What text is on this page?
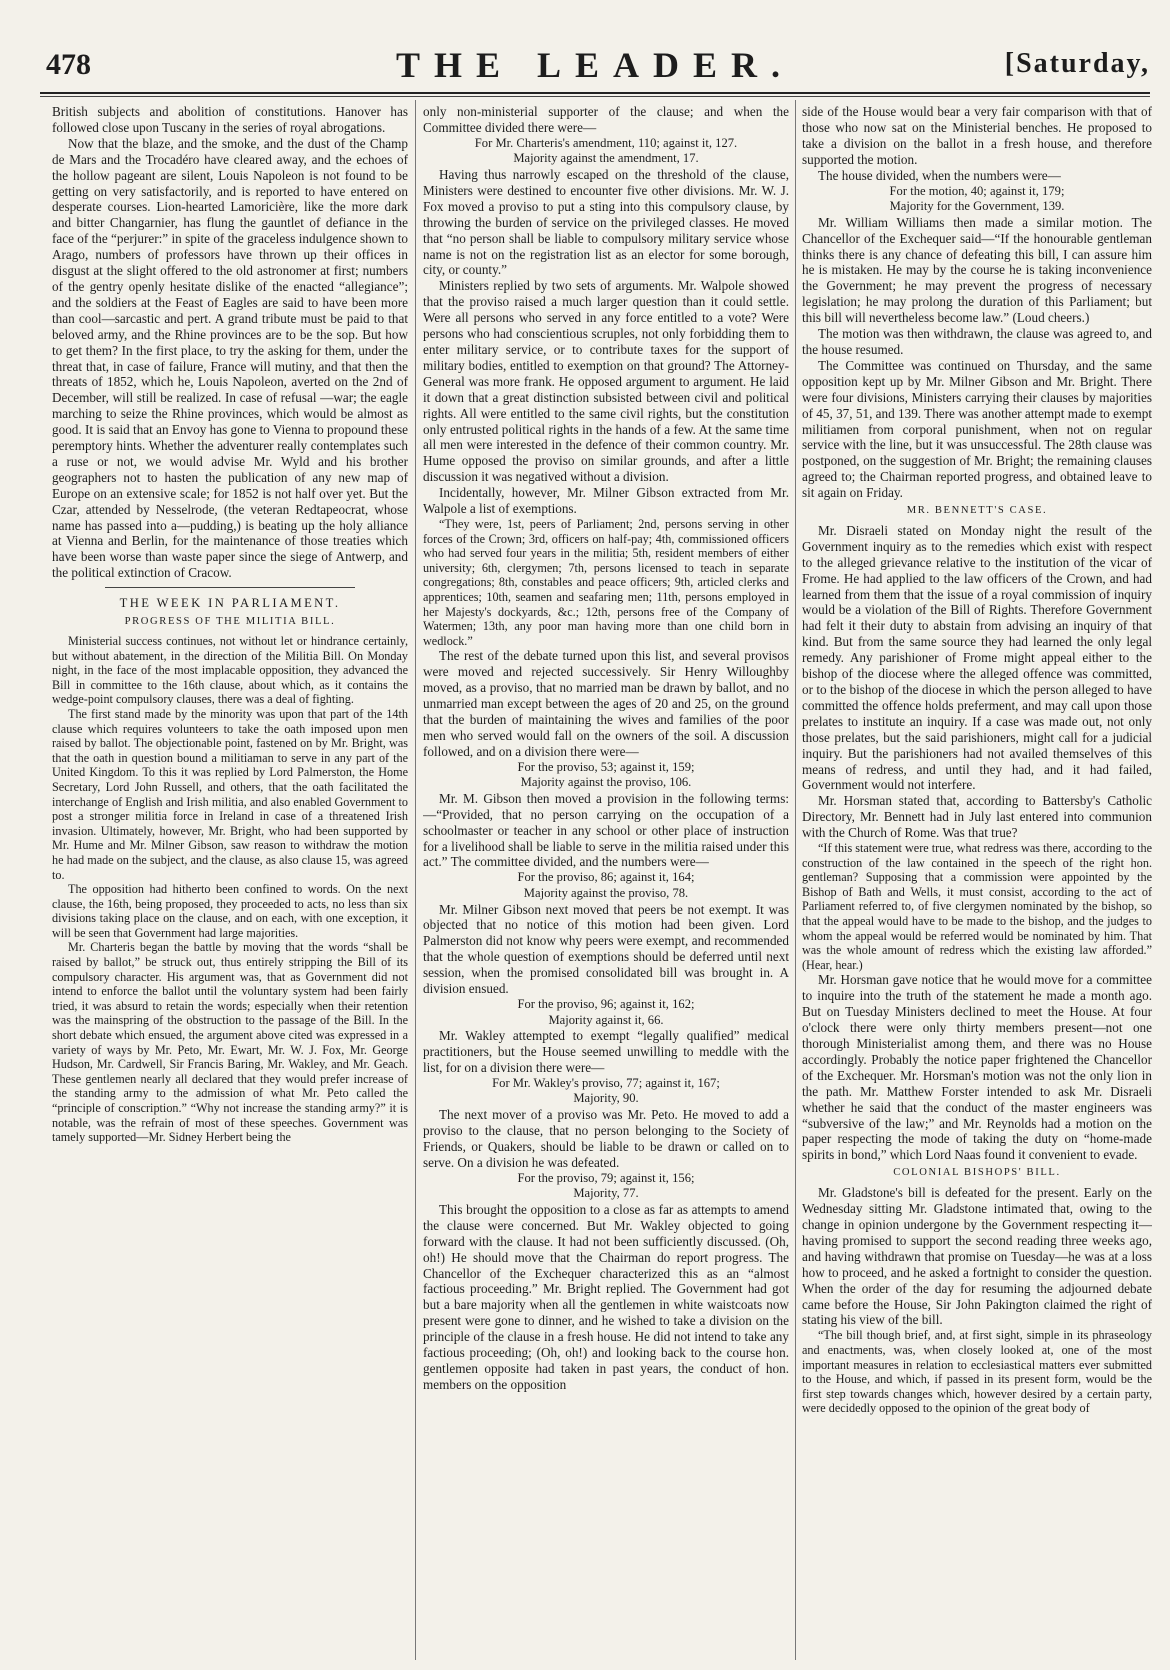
478	THE LEADER.	[Saturday,

British subjects and abolition of constitutions. Hanover has followed close upon Tuscany in the series of royal abrogations.

Now that the blaze, and the smoke, and the dust of the Champ de Mars and the Trocadéro have cleared away, and the echoes of the hollow pageant are silent, Louis Napoleon is not found to be getting on very satisfactorily, and is reported to have entered on desperate courses. Lion-hearted Lamoricière, like the more dark and bitter Changarnier, has flung the gauntlet of defiance in the face of the “perjurer:” in spite of the graceless indulgence shown to Arago, numbers of professors have thrown up their offices in disgust at the slight offered to the old astronomer at first; numbers of the gentry openly hesitate dislike of the enacted “allegiance”; and the soldiers at the Feast of Eagles are said to have been more than cool—sarcastic and pert. A grand tribute must be paid to that beloved army, and the Rhine provinces are to be the sop. But how to get them? In the first place, to try the asking for them, under the threat that, in case of failure, France will mutiny, and that then the threats of 1852, which he, Louis Napoleon, averted on the 2nd of December, will still be realized. In case of refusal —war; the eagle marching to seize the Rhine provinces, which would be almost as good. It is said that an Envoy has gone to Vienna to propound these peremptory hints. Whether the adventurer really contemplates such a ruse or not, we would advise Mr. Wyld and his brother geographers not to hasten the publication of any new map of Europe on an extensive scale; for 1852 is not half over yet. But the Czar, attended by Nesselrode, (the veteran Redtapeocrat, whose name has passed into a—pudding,) is beating up the holy alliance at Vienna and Berlin, for the maintenance of those treaties which have been worse than waste paper since the siege of Antwerp, and the political extinction of Cracow.

THE WEEK IN PARLIAMENT.
PROGRESS OF THE MILITIA BILL.

Ministerial success continues, not without let or hindrance certainly, but without abatement, in the direction of the Militia Bill. On Monday night, in the face of the most implacable opposition, they advanced the Bill in committee to the 16th clause, about which, as it contains the wedge-point compulsory clauses, there was a deal of fighting.

The first stand made by the minority was upon that part of the 14th clause which requires volunteers to take the oath imposed upon men raised by ballot. The objectionable point, fastened on by Mr. Bright, was that the oath in question bound a militiaman to serve in any part of the United Kingdom. To this it was replied by Lord Palmerston, the Home Secretary, Lord John Russell, and others, that the oath facilitated the interchange of English and Irish militia, and also enabled Government to post a stronger militia force in Ireland in case of a threatened Irish invasion. Ultimately, however, Mr. Bright, who had been supported by Mr. Hume and Mr. Milner Gibson, saw reason to withdraw the motion he had made on the subject, and the clause, as also clause 15, was agreed to.

The opposition had hitherto been confined to words. On the next clause, the 16th, being proposed, they proceeded to acts, no less than six divisions taking place on the clause, and on each, with one exception, it will be seen that Government had large majorities.

Mr. Charteris began the battle by moving that the words “shall be raised by ballot,” be struck out, thus entirely stripping the Bill of its compulsory character. His argument was, that as Government did not intend to enforce the ballot until the voluntary system had been fairly tried, it was absurd to retain the words; especially when their retention was the mainspring of the obstruction to the passage of the Bill. In the short debate which ensued, the argument above cited was expressed in a variety of ways by Mr. Peto, Mr. Ewart, Mr. W. J. Fox, Mr. George Hudson, Mr. Cardwell, Sir Francis Baring, Mr. Wakley, and Mr. Geach. These gentlemen nearly all declared that they would prefer increase of the standing army to the admission of what Mr. Peto called the “principle of conscription.” “Why not increase the standing army?” it is notable, was the refrain of most of these speeches. Government was tamely supported—Mr. Sidney Herbert being the

only non-ministerial supporter of the clause; and when the Committee divided there were—

For Mr. Charteris's amendment, 110; against it, 127.
Majority against the amendment, 17.

Having thus narrowly escaped on the threshold of the clause, Ministers were destined to encounter five other divisions. Mr. W. J. Fox moved a proviso to put a sting into this compulsory clause, by throwing the burden of service on the privileged classes. He moved that “no person shall be liable to compulsory military service whose name is not on the registration list as an elector for some borough, city, or county.”

Ministers replied by two sets of arguments. Mr. Walpole showed that the proviso raised a much larger question than it could settle. Were all persons who served in any force entitled to a vote? Were persons who had conscientious scruples, not only forbidding them to enter military service, or to contribute taxes for the support of military bodies, entitled to exemption on that ground? The Attorney-General was more frank. He opposed argument to argument. He laid it down that a great distinction subsisted between civil and political rights. All were entitled to the same civil rights, but the constitution only entrusted political rights in the hands of a few. At the same time all men were interested in the defence of their common country. Mr. Hume opposed the proviso on similar grounds, and after a little discussion it was negatived without a division.

Incidentally, however, Mr. Milner Gibson extracted from Mr. Walpole a list of exemptions.

“They were, 1st, peers of Parliament; 2nd, persons serving in other forces of the Crown; 3rd, officers on half-pay; 4th, commissioned officers who had served four years in the militia; 5th, resident members of either university; 6th, clergymen; 7th, persons licensed to teach in separate congregations; 8th, constables and peace officers; 9th, articled clerks and apprentices; 10th, seamen and seafaring men; 11th, persons employed in her Majesty's dockyards, &c.; 12th, persons free of the Company of Watermen; 13th, any poor man having more than one child born in wedlock.”

The rest of the debate turned upon this list, and several provisos were moved and rejected successively. Sir Henry Willoughby moved, as a proviso, that no married man be drawn by ballot, and no unmarried man except between the ages of 20 and 25, on the ground that the burden of maintaining the wives and families of the poor men who served would fall on the owners of the soil. A discussion followed, and on a division there were—

For the proviso, 53; against it, 159;
Majority against the proviso, 106.

Mr. M. Gibson then moved a provision in the following terms:—“Provided, that no person carrying on the occupation of a schoolmaster or teacher in any school or other place of instruction for a livelihood shall be liable to serve in the militia raised under this act.” The committee divided, and the numbers were—

For the proviso, 86; against it, 164;
Majority against the proviso, 78.

Mr. Milner Gibson next moved that peers be not exempt. It was objected that no notice of this motion had been given. Lord Palmerston did not know why peers were exempt, and recommended that the whole question of exemptions should be deferred until next session, when the promised consolidated bill was brought in. A division ensued.

For the proviso, 96; against it, 162;
Majority against it, 66.

Mr. Wakley attempted to exempt “legally qualified” medical practitioners, but the House seemed unwilling to meddle with the list, for on a division there were—

For Mr. Wakley's proviso, 77; against it, 167;
Majority, 90.

The next mover of a proviso was Mr. Peto. He moved to add a proviso to the clause, that no person belonging to the Society of Friends, or Quakers, should be liable to be drawn or called on to serve. On a division he was defeated.

For the proviso, 79; against it, 156;
Majority, 77.

This brought the opposition to a close as far as attempts to amend the clause were concerned. But Mr. Wakley objected to going forward with the clause. It had not been sufficiently discussed. (Oh, oh!) He should move that the Chairman do report progress. The Chancellor of the Exchequer characterized this as an “almost factious proceeding.” Mr. Bright replied. The Government had got but a bare majority when all the gentlemen in white waistcoats now present were gone to dinner, and he wished to take a division on the principle of the clause in a fresh house. He did not intend to take any factious proceeding; (Oh, oh!) and looking back to the course hon. gentlemen opposite had taken in past years, the conduct of hon. members on the opposition

side of the House would bear a very fair comparison with that of those who now sat on the Ministerial benches. He proposed to take a division on the ballot in a fresh house, and therefore supported the motion.

The house divided, when the numbers were—

For the motion, 40; against it, 179;
Majority for the Government, 139.

Mr. William Williams then made a similar motion. The Chancellor of the Exchequer said—“If the honourable gentleman thinks there is any chance of defeating this bill, I can assure him he is mistaken. He may by the course he is taking inconvenience the Government; he may prevent the progress of necessary legislation; he may prolong the duration of this Parliament; but this bill will nevertheless become law.” (Loud cheers.)

The motion was then withdrawn, the clause was agreed to, and the house resumed.

The Committee was continued on Thursday, and the same opposition kept up by Mr. Milner Gibson and Mr. Bright. There were four divisions, Ministers carrying their clauses by majorities of 45, 37, 51, and 139. There was another attempt made to exempt militiamen from corporal punishment, when not on regular service with the line, but it was unsuccessful. The 28th clause was postponed, on the suggestion of Mr. Bright; the remaining clauses agreed to; the Chairman reported progress, and obtained leave to sit again on Friday.

MR. BENNETT'S CASE.

Mr. Disraeli stated on Monday night the result of the Government inquiry as to the remedies which exist with respect to the alleged grievance relative to the institution of the vicar of Frome. He had applied to the law officers of the Crown, and had learned from them that the issue of a royal commission of inquiry would be a violation of the Bill of Rights. Therefore Government had felt it their duty to abstain from advising an inquiry of that kind. But from the same source they had learned the only legal remedy. Any parishioner of Frome might appeal either to the bishop of the diocese where the alleged offence was committed, or to the bishop of the diocese in which the person alleged to have committed the offence holds preferment, and may call upon those prelates to institute an inquiry. If a case was made out, not only those prelates, but the said parishioners, might call for a judicial inquiry. But the parishioners had not availed themselves of this means of redress, and until they had, and it had failed, Government would not interfere.

Mr. Horsman stated that, according to Battersby's Catholic Directory, Mr. Bennett had in July last entered into communion with the Church of Rome. Was that true?

“If this statement were true, what redress was there, according to the construction of the law contained in the speech of the right hon. gentleman? Supposing that a commission were appointed by the Bishop of Bath and Wells, it must consist, according to the act of Parliament referred to, of five clergymen nominated by the bishop, so that the appeal would have to be made to the bishop, and the judges to whom the appeal would be referred would be nominated by him. That was the whole amount of redress which the existing law afforded.” (Hear, hear.)

Mr. Horsman gave notice that he would move for a committee to inquire into the truth of the statement he made a month ago. But on Tuesday Ministers declined to meet the House. At four o'clock there were only thirty members present—not one thorough Ministerialist among them, and there was no House accordingly. Probably the notice paper frightened the Chancellor of the Exchequer. Mr. Horsman's motion was not the only lion in the path. Mr. Matthew Forster intended to ask Mr. Disraeli whether he said that the conduct of the master engineers was “subversive of the law;” and Mr. Reynolds had a motion on the paper respecting the mode of taking the duty on “home-made spirits in bond,” which Lord Naas found it convenient to evade.

COLONIAL BISHOPS' BILL.

Mr. Gladstone's bill is defeated for the present. Early on the Wednesday sitting Mr. Gladstone intimated that, owing to the change in opinion undergone by the Government respecting it—having promised to support the second reading three weeks ago, and having withdrawn that promise on Tuesday—he was at a loss how to proceed, and he asked a fortnight to consider the question. When the order of the day for resuming the adjourned debate came before the House, Sir John Pakington claimed the right of stating his view of the bill.

“The bill though brief, and, at first sight, simple in its phraseology and enactments, was, when closely looked at, one of the most important measures in relation to ecclesiastical matters ever submitted to the House, and which, if passed in its present form, would be the first step towards changes which, however desired by a certain party, were decidedly opposed to the opinion of the great body of
